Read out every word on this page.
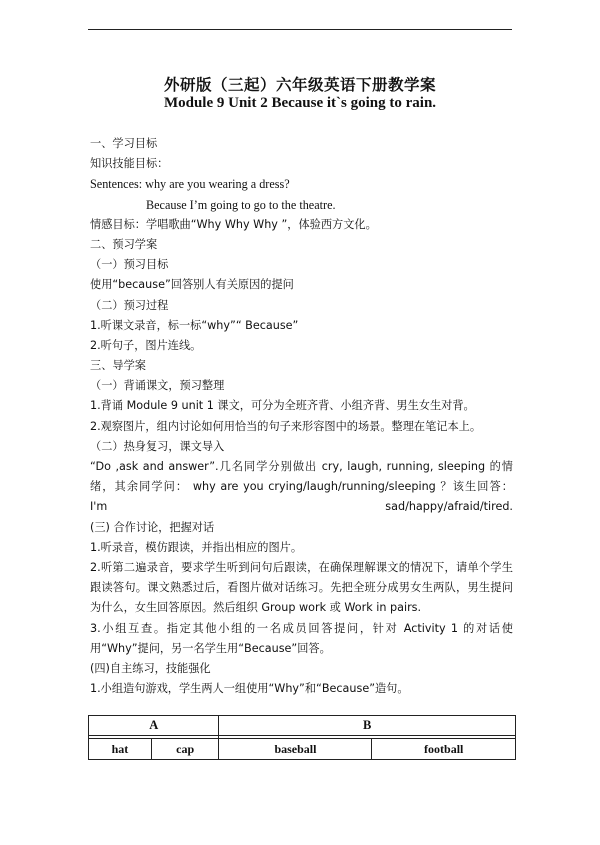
外研版（三起）六年级英语下册教学案
Module 9 Unit 2 Because it`s going to rain.
一、学习目标
知识技能目标：
Sentences: why are you wearing a dress?
Because I’m going to go to the theatre.
情感目标：学唱歌曲“Why Why Why ”，体验西方文化。
二、预习学案
（一）预习目标
使用“because”回答别人有关原因的提问
（二）预习过程
1.听课文录音，标一标“why”“ Because”
2.听句子，图片连线。
三、导学案
（一）背诵课文，预习整理
1.背诵 Module 9 unit 1 课文，可分为全班齐背、小组齐背、男生女生对背。
2.观察图片，组内讨论如何用恰当的句子来形容图中的场景。整理在笔记本上。
（二）热身复习，课文导入
“Do ,ask and answer”.几名同学分别做出 cry, laugh, running, sleeping 的情绪，其余同学问： why are you crying/laugh/running/sleeping ？该生回答： I'm sad/happy/afraid/tired.
(三) 合作讨论，把握对话
1.听录音，模仿跟读，并指出相应的图片。
2.听第二遍录音，要求学生听到问句后跟读，在确保理解课文的情况下，请单个学生跟读答句。课文熟悉过后，看图片做对话练习。先把全班分成男女生两队，男生提问为什么，女生回答原因。然后组织 Group work 或 Work in pairs.
3.小组互查。指定其他小组的一名成员回答提问，针对 Activity 1 的对话使用“Why”提问，另一名学生用“Because”回答。
(四)自主练习，技能强化
1.小组造句游戏，学生两人一组使用“Why”和“Because”造句。
A		B	

hat	cap	baseball	football
